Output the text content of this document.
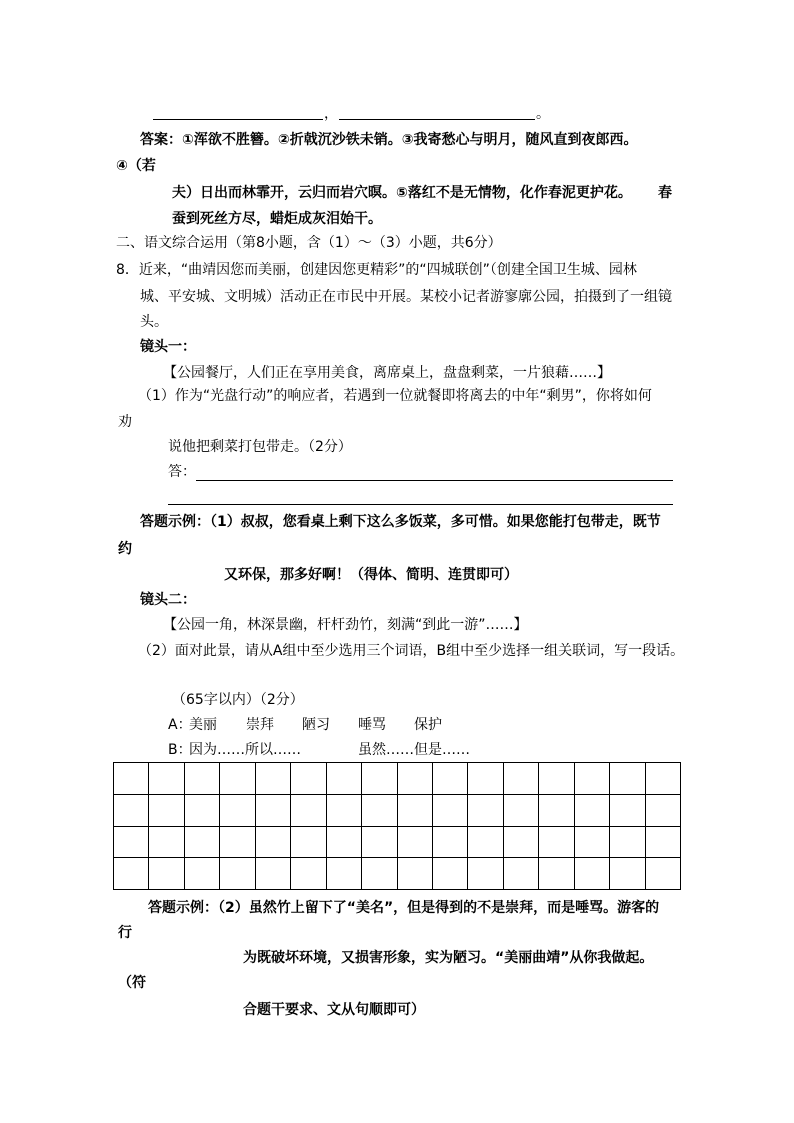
，	。
答案：①浑欲不胜簪。②折戟沉沙铁未销。③我寄愁心与明月，随风直到夜郎西。
④（若
夫）日出而林霏开，云归而岩穴暝。⑤落红不是无情物，化作春泥更护花。 春
蚕到死丝方尽，蜡炬成灰泪始干。
二、语文综合运用（第8小题，含（1）～（3）小题，共6分）
8．近来，“曲靖因您而美丽，创建因您更精彩”的“四城联创”（创建全国卫生城、园林
城、平安城、文明城）活动正在市民中开展。某校小记者游寥廓公园，拍摄到了一组镜
头。
镜头一：
【公园餐厅，人们正在享用美食，离席桌上，盘盘剩菜，一片狼藉……】
（1）作为“光盘行动”的响应者，若遇到一位就餐即将离去的中年“剩男”，你将如何
劝
说他把剩菜打包带走。（2分）
答：
答题示例：（1）叔叔，您看桌上剩下这么多饭菜，多可惜。如果您能打包带走，既节
约
又环保，那多好啊！（得体、简明、连贯即可）
镜头二：
【公园一角，林深景幽，杆杆劲竹，刻满“到此一游”……】
（2）面对此景，请从A组中至少选用三个词语，B组中至少选择一组关联词，写一段话。
（65字以内）（2分）
A：
美丽 崇拜 陋习 唾骂 保护
B：
因为……所以……	虽然……但是……

答题示例：（2）虽然竹上留下了“美名”，但是得到的不是崇拜，而是唾骂。游客的
行
为既破坏环境，又损害形象，实为陋习。“美丽曲靖”从你我做起。
（符
合题干要求、文从句顺即可）
